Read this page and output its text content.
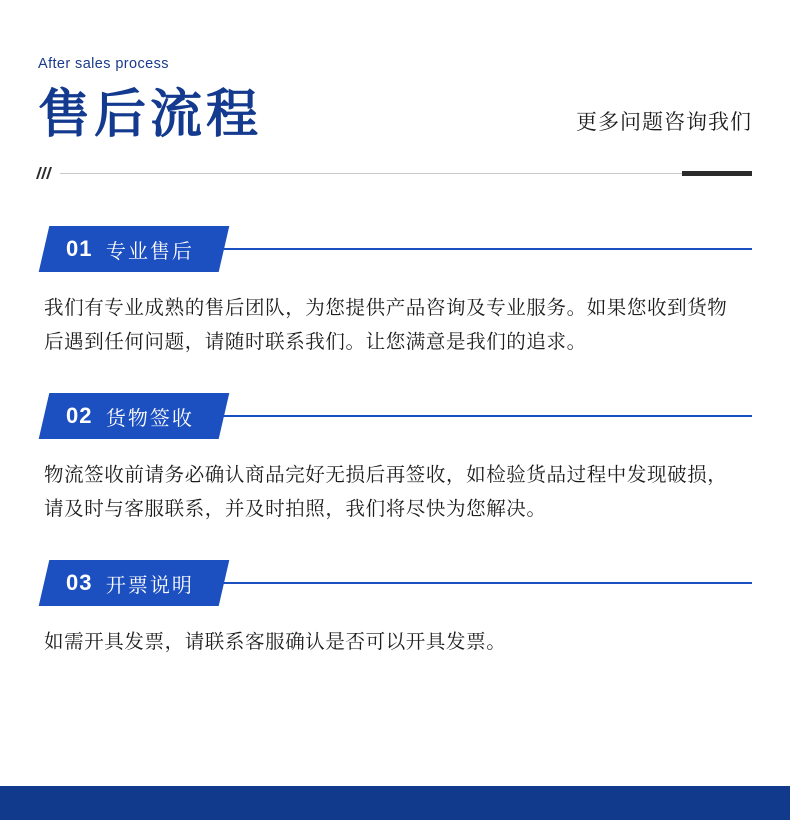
After sales process
售后流程	更多问题咨询我们
01 专业售后
我们有专业成熟的售后团队，为您提供产品咨询及专业服务。如果您收到货物后遇到任何问题，请随时联系我们。让您满意是我们的追求。
02 货物签收
物流签收前请务必确认商品完好无损后再签收，如检验货品过程中发现破损，请及时与客服联系，并及时拍照，我们将尽快为您解决。
03 开票说明
如需开具发票，请联系客服确认是否可以开具发票。
